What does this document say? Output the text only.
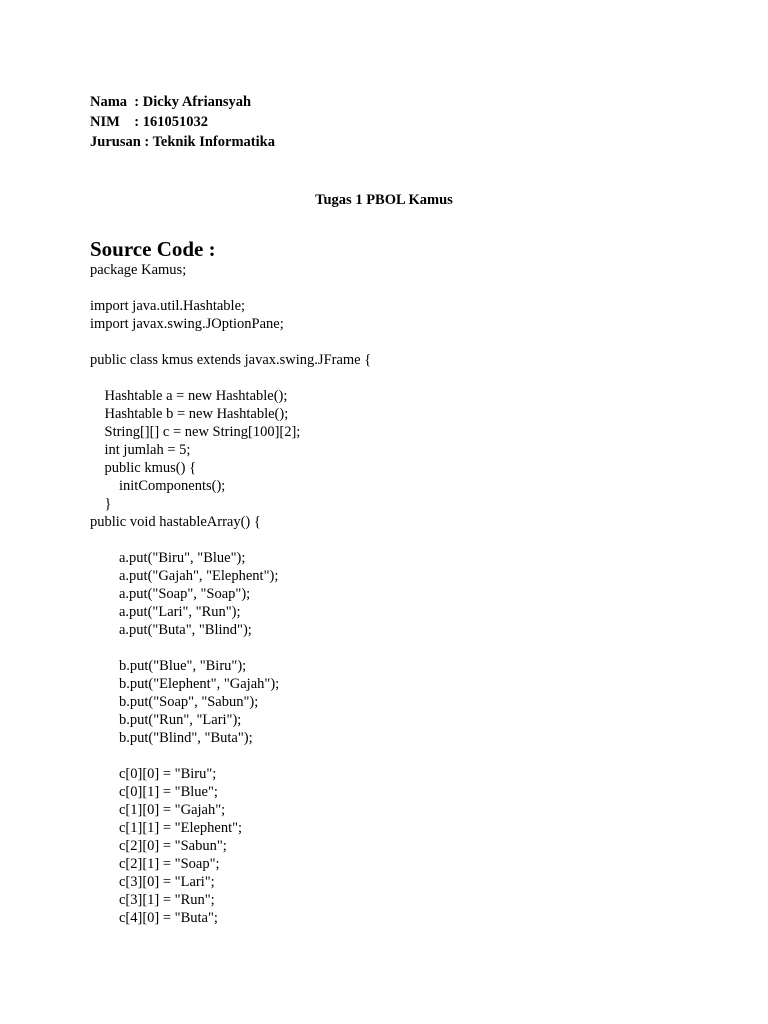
Nama  : Dicky Afriansyah
NIM    : 161051032
Jurusan : Teknik Informatika
Tugas 1 PBOL Kamus
Source Code :
package Kamus;
import java.util.Hashtable;
import javax.swing.JOptionPane;
public class kmus extends javax.swing.JFrame {
Hashtable a = new Hashtable();
Hashtable b = new Hashtable();
String[][] c = new String[100][2];
int jumlah = 5;
public kmus() {
initComponents();
}
public void hastableArray() {
a.put("Biru", "Blue");
a.put("Gajah", "Elephent");
a.put("Soap", "Soap");
a.put("Lari", "Run");
a.put("Buta", "Blind");
b.put("Blue", "Biru");
b.put("Elephent", "Gajah");
b.put("Soap", "Sabun");
b.put("Run", "Lari");
b.put("Blind", "Buta");
c[0][0] = "Biru";
c[0][1] = "Blue";
c[1][0] = "Gajah";
c[1][1] = "Elephent";
c[2][0] = "Sabun";
c[2][1] = "Soap";
c[3][0] = "Lari";
c[3][1] = "Run";
c[4][0] = "Buta";
